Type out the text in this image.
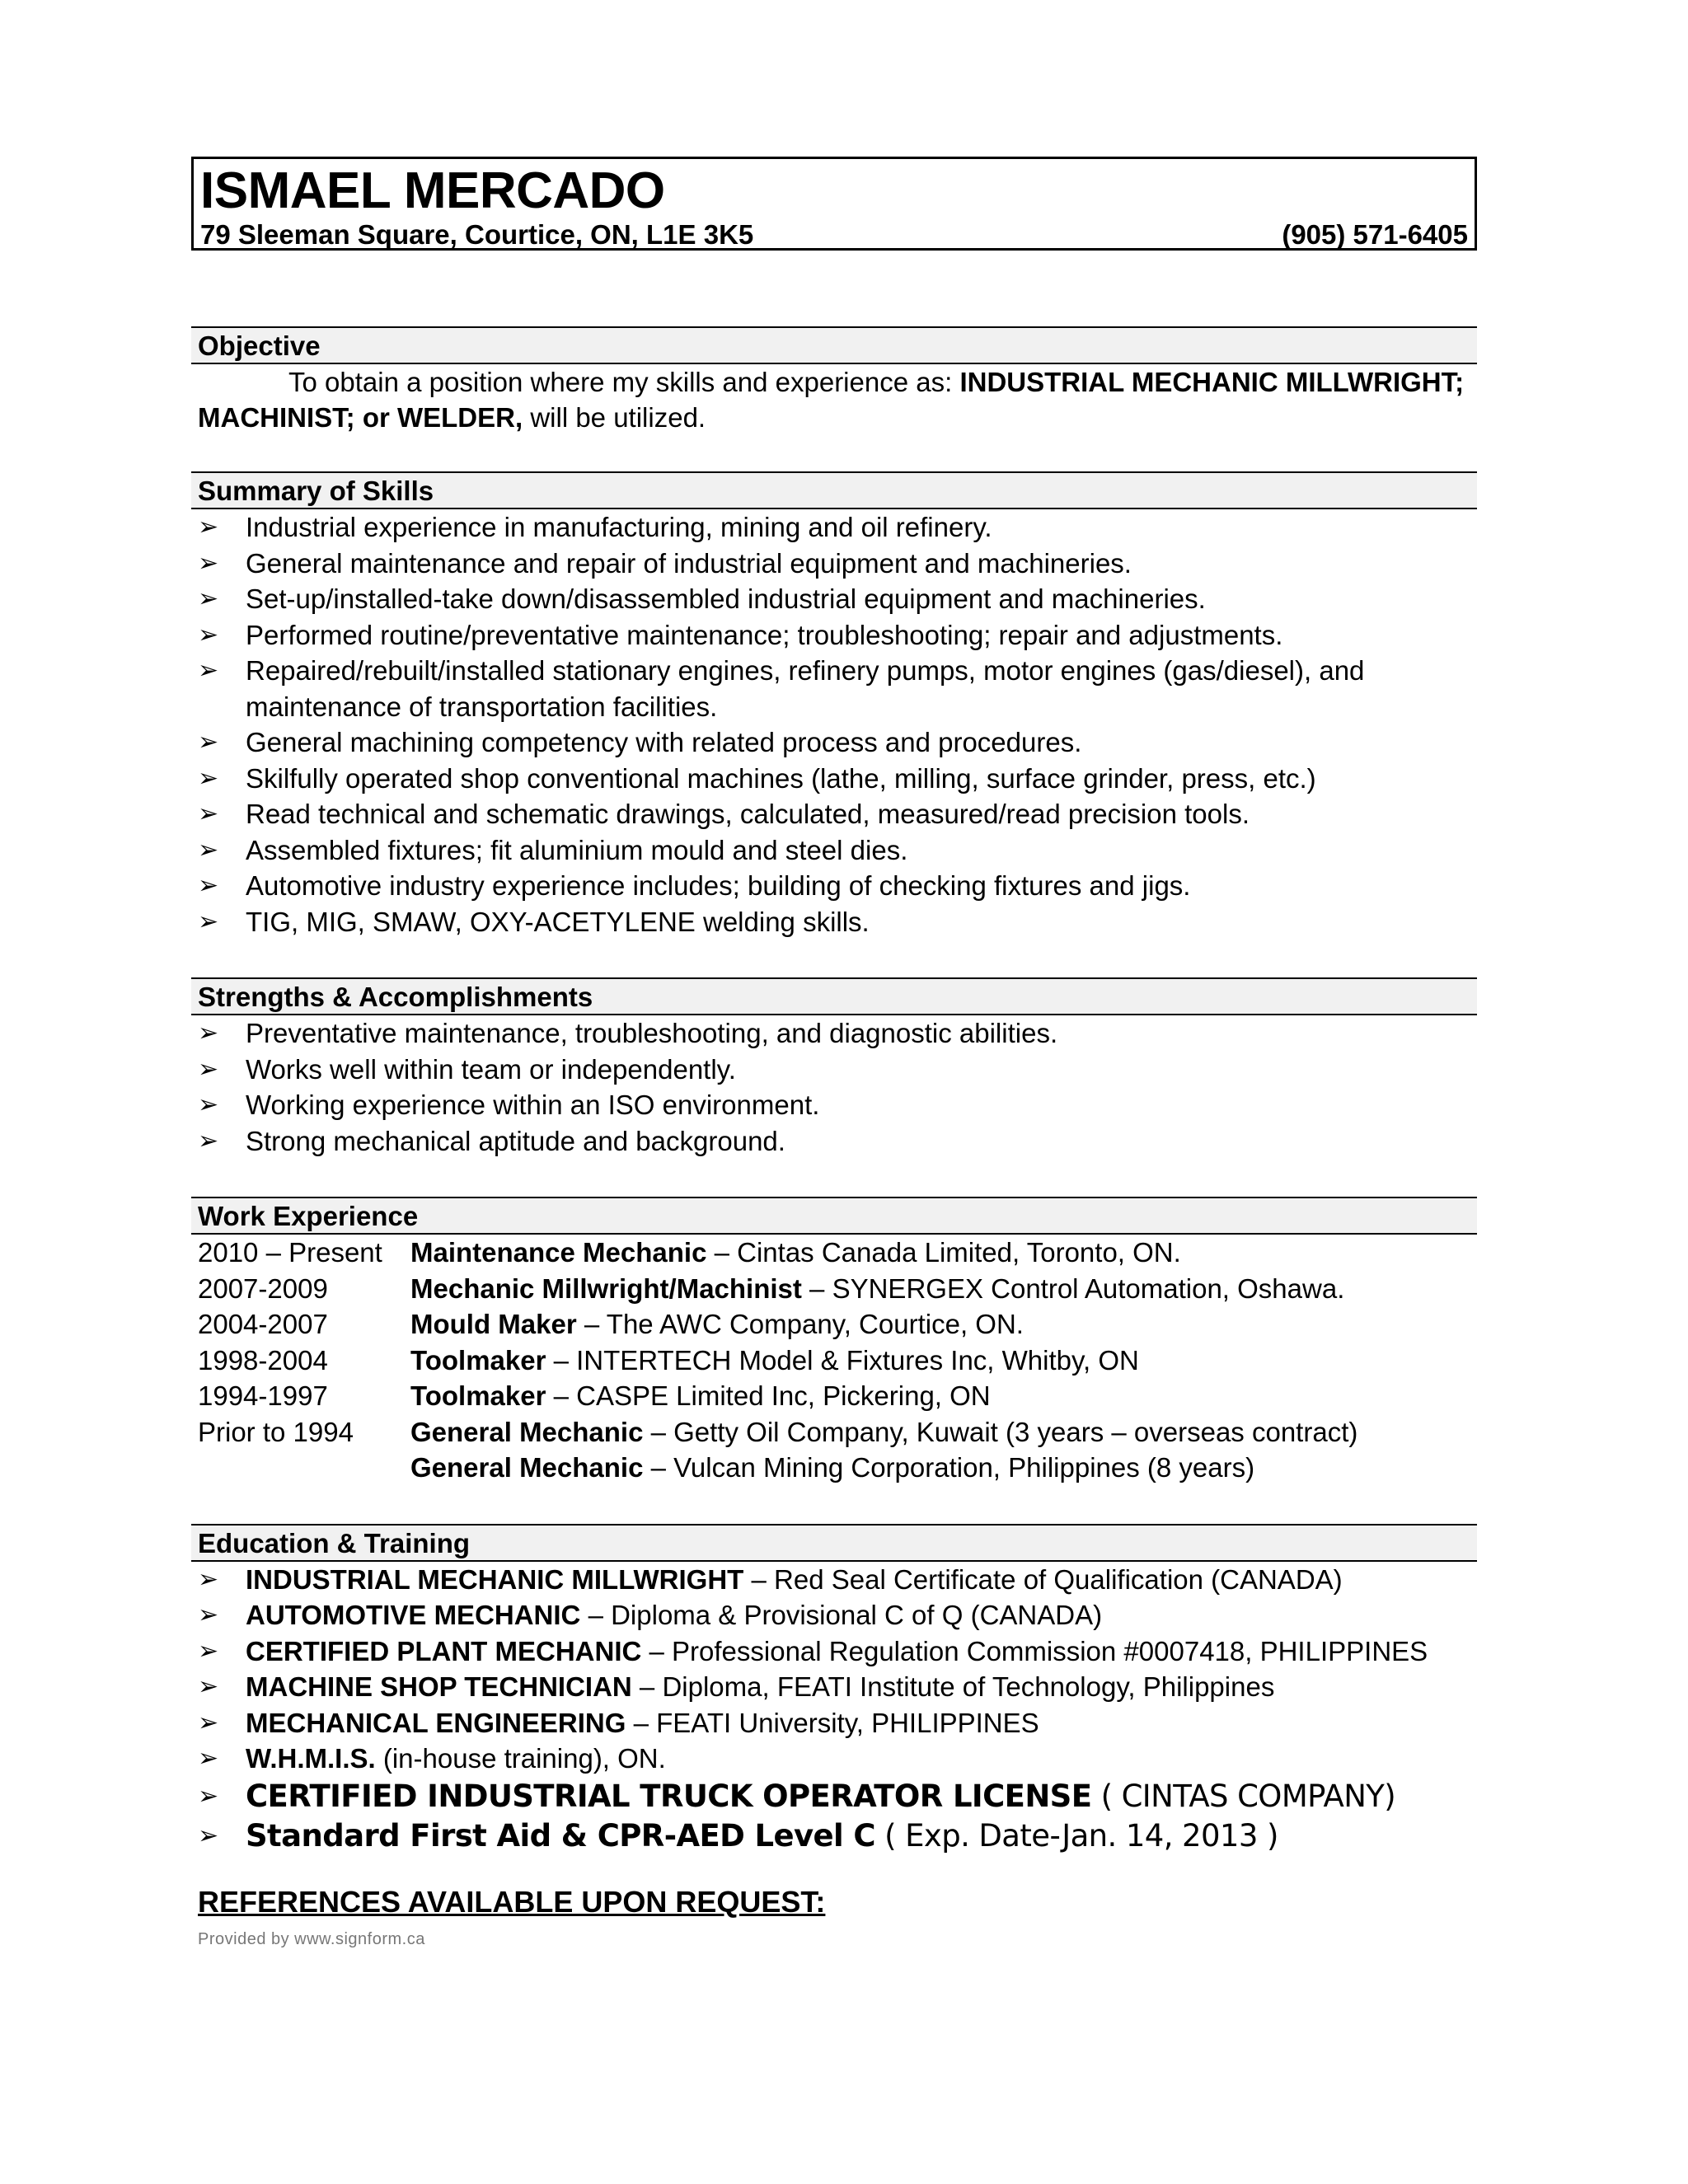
ISMAEL MERCADO
79 Sleeman Square, Courtice, ON, L1E 3K5	(905) 571-6405
Objective
To obtain a position where my skills and experience as: INDUSTRIAL MECHANIC MILLWRIGHT; MACHINIST; or WELDER, will be utilized.
Summary of Skills
➢ Industrial experience in manufacturing, mining and oil refinery.
➢ General maintenance and repair of industrial equipment and machineries.
➢ Set-up/installed-take down/disassembled industrial equipment and machineries.
➢ Performed routine/preventative maintenance; troubleshooting; repair and adjustments.
➢ Repaired/rebuilt/installed stationary engines, refinery pumps, motor engines (gas/diesel), and maintenance of transportation facilities.
➢ General machining competency with related process and procedures.
➢ Skilfully operated shop conventional machines (lathe, milling, surface grinder, press, etc.)
➢ Read technical and schematic drawings, calculated, measured/read precision tools.
➢ Assembled fixtures; fit aluminium mould and steel dies.
➢ Automotive industry experience includes; building of checking fixtures and jigs.
➢ TIG, MIG, SMAW, OXY-ACETYLENE welding skills.
Strengths & Accomplishments
➢ Preventative maintenance, troubleshooting, and diagnostic abilities.
➢ Works well within team or independently.
➢ Working experience within an ISO environment.
➢ Strong mechanical aptitude and background.
Work Experience
2010 – Present	Maintenance Mechanic – Cintas Canada Limited, Toronto, ON.
2007-2009	Mechanic Millwright/Machinist – SYNERGEX Control Automation, Oshawa.
2004-2007	Mould Maker – The AWC Company, Courtice, ON.
1998-2004	Toolmaker – INTERTECH Model & Fixtures Inc, Whitby, ON
1994-1997	Toolmaker – CASPE Limited Inc, Pickering, ON
Prior to 1994	General Mechanic – Getty Oil Company, Kuwait (3 years – overseas contract)
General Mechanic – Vulcan Mining Corporation, Philippines (8 years)
Education & Training
➢ INDUSTRIAL MECHANIC MILLWRIGHT – Red Seal Certificate of Qualification (CANADA)
➢ AUTOMOTIVE MECHANIC – Diploma & Provisional C of Q (CANADA)
➢ CERTIFIED PLANT MECHANIC – Professional Regulation Commission #0007418, PHILIPPINES
➢ MACHINE SHOP TECHNICIAN – Diploma, FEATI Institute of Technology, Philippines
➢ MECHANICAL ENGINEERING – FEATI University, PHILIPPINES
➢ W.H.M.I.S. (in-house training), ON.
➢ CERTIFIED INDUSTRIAL TRUCK OPERATOR LICENSE ( CINTAS COMPANY)
➢ Standard First Aid & CPR-AED Level C ( Exp. Date-Jan. 14, 2013 )
REFERENCES AVAILABLE UPON REQUEST:
Provided by www.signform.ca
